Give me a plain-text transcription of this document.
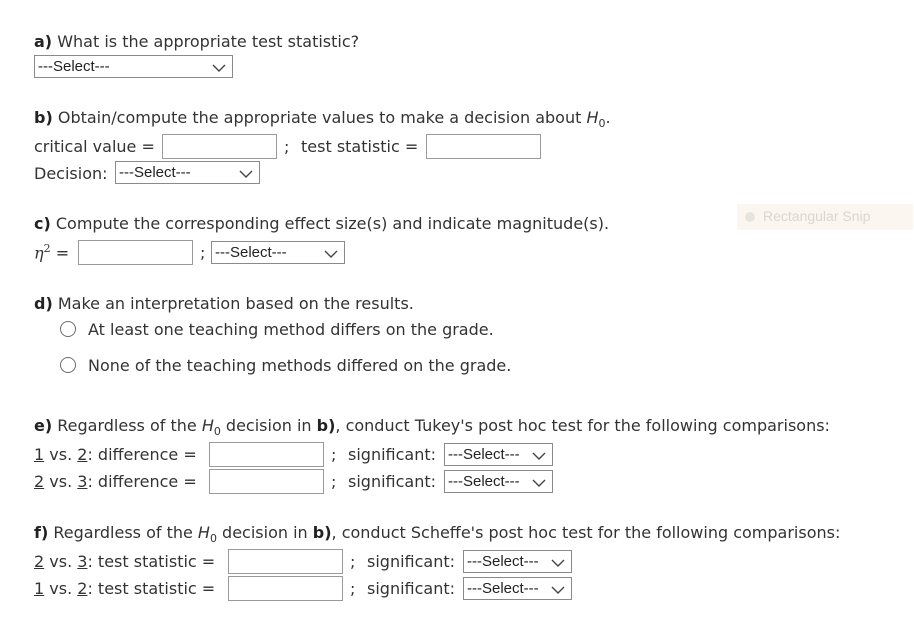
a) What is the appropriate test statistic?
---Select---
b) Obtain/compute the appropriate values to make a decision about $H_0$.
critical value =	; test statistic =
Decision: ---Select---
c) Compute the corresponding effect size(s) and indicate magnitude(s).
$\eta^2$ =	; ---Select---
Rectangular Snip
d) Make an interpretation based on the results.
At least one teaching method differs on the grade.
None of the teaching methods differed on the grade.
e) Regardless of the $H_0$ decision in b), conduct Tukey's post hoc test for the following comparisons:
1 vs. 2: difference =	; significant: ---Select---
2 vs. 3: difference =	; significant: ---Select---
f) Regardless of the $H_0$ decision in b), conduct Scheffe's post hoc test for the following comparisons:
2 vs. 3: test statistic =	; significant: ---Select---
1 vs. 2: test statistic =	; significant: ---Select---
